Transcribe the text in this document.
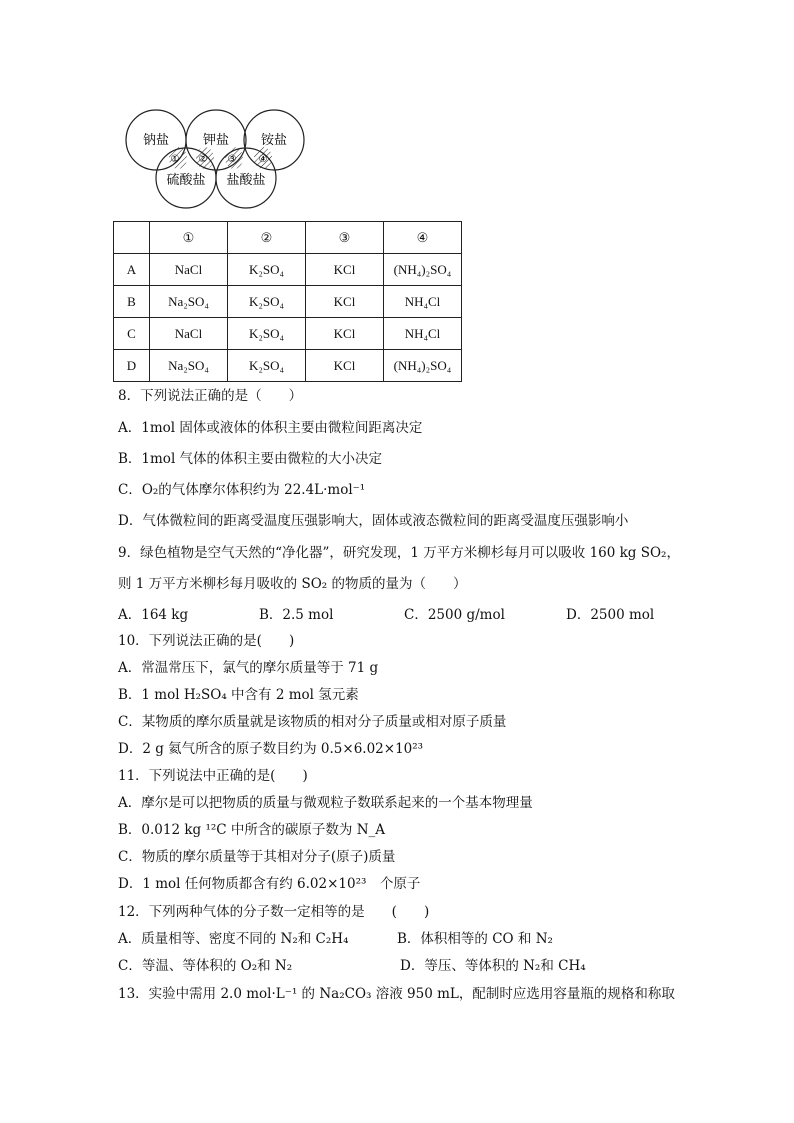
钠盐	钾盐 铵盐
硫酸盐 盐酸盐
① ② ③ ④
	①	②	③	④
A	NaCl	K₂SO₄	KCl	(NH₄)₂SO₄
B	Na₂SO₄	K₂SO₄	KCl	NH₄Cl
C	NaCl	K₂SO₄	KCl	NH₄Cl
D	Na₂SO₄	K₂SO₄	KCl	(NH₄)₂SO₄
8．下列说法正确的是（　　）
A．1mol 固体或液体的体积主要由微粒间距离决定
B．1mol 气体的体积主要由微粒的大小决定
C．O₂的气体摩尔体积约为 22.4L·mol⁻¹
D．气体微粒间的距离受温度压强影响大，固体或液态微粒间的距离受温度压强影响小
9．绿色植物是空气天然的“净化器”，研究发现，1 万平方米柳杉每月可以吸收 160 kg SO₂，
则 1 万平方米柳杉每月吸收的 SO₂ 的物质的量为（　　）
A．164 kg	B．2.5 mol	C．2500 g/mol	D．2500 mol
10．下列说法正确的是(　　)
A．常温常压下，氯气的摩尔质量等于 71 g
B．1 mol H₂SO₄ 中含有 2 mol 氢元素
C．某物质的摩尔质量就是该物质的相对分子质量或相对原子质量
D．2 g 氦气所含的原子数目约为 0.5×6.02×10²³
11．下列说法中正确的是(　　)
A．摩尔是可以把物质的质量与微观粒子数联系起来的一个基本物理量
B．0.012 kg ¹²C 中所含的碳原子数为 N_A
C．物质的摩尔质量等于其相对分子(原子)质量
D．1 mol 任何物质都含有约 6.02×10²³　个原子
12．下列两种气体的分子数一定相等的是　　(　　)
A．质量相等、密度不同的 N₂和 C₂H₄	B．体积相等的 CO 和 N₂
C．等温、等体积的 O₂和 N₂	D．等压、等体积的 N₂和 CH₄
13．实验中需用 2.0 mol·L⁻¹ 的 Na₂CO₃ 溶液 950 mL，配制时应选用容量瓶的规格和称取
